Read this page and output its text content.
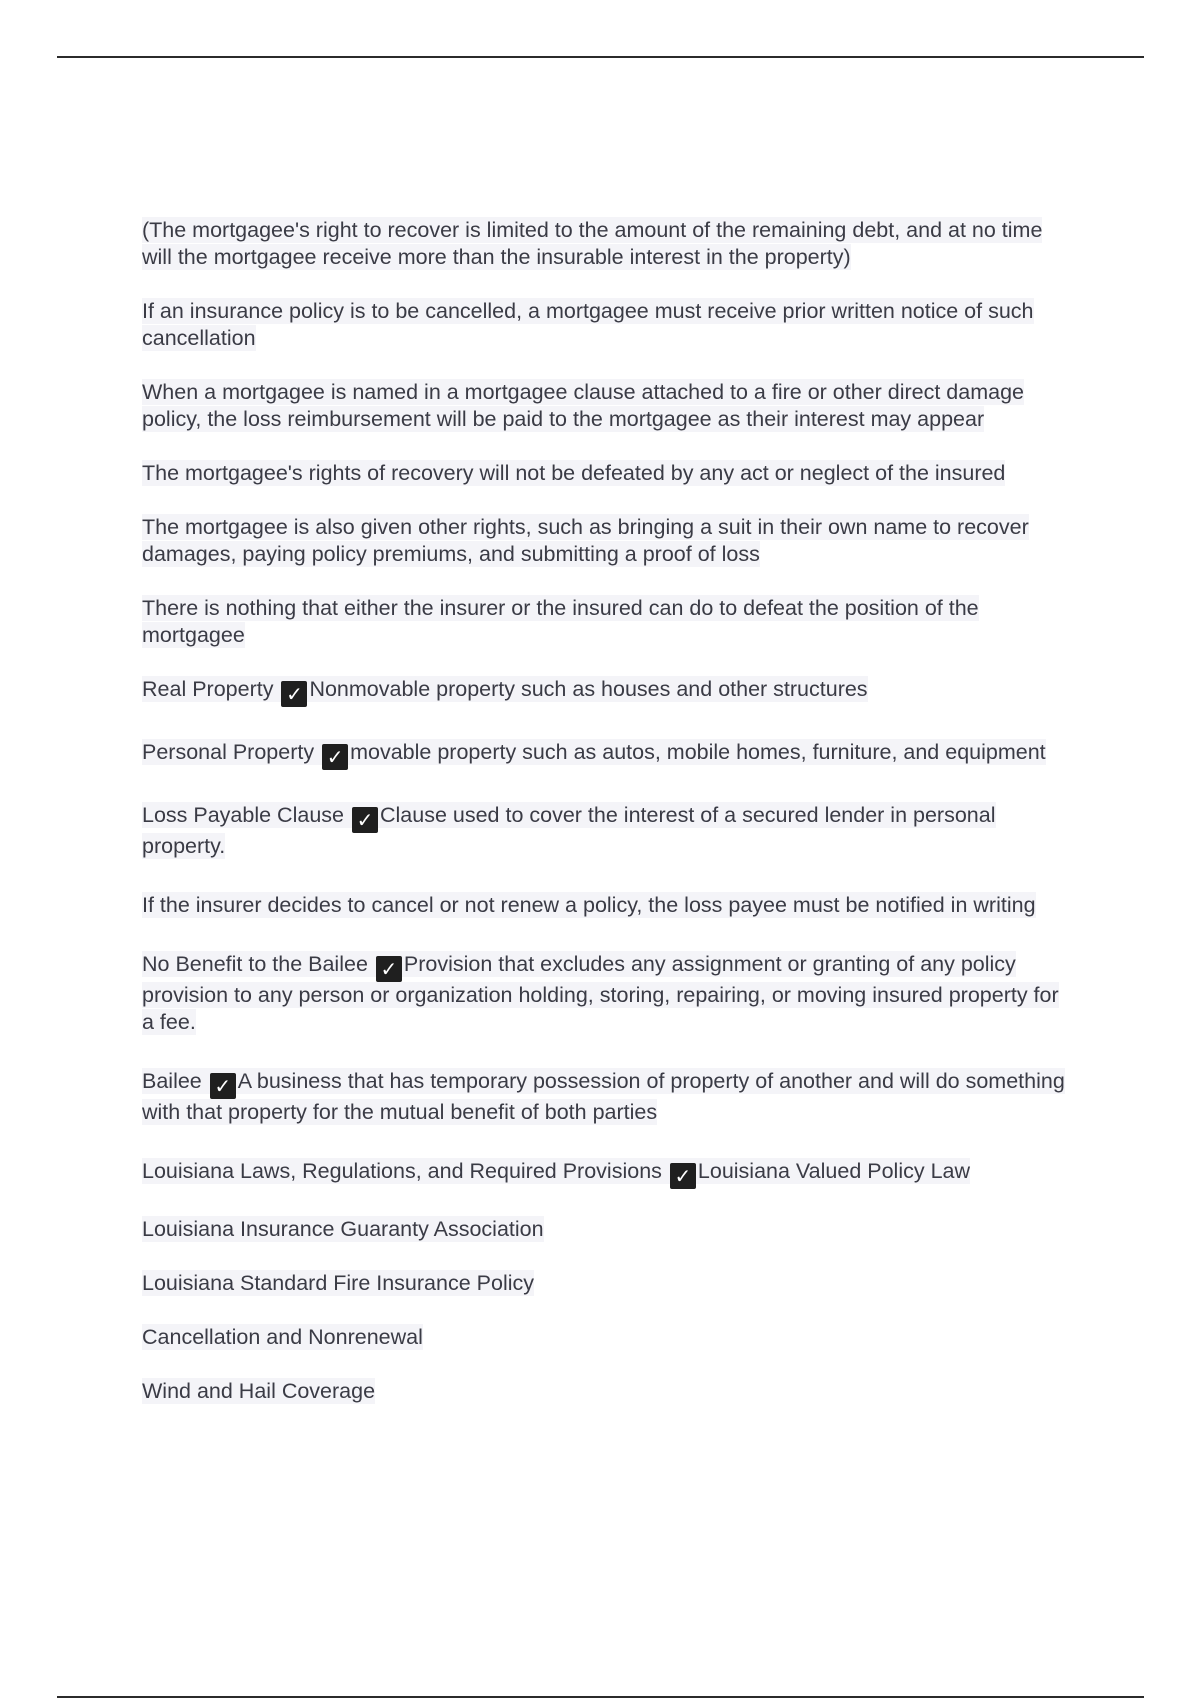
(The mortgagee's right to recover is limited to the amount of the remaining debt, and at no time will the mortgagee receive more than the insurable interest in the property)

If an insurance policy is to be cancelled, a mortgagee must receive prior written notice of such cancellation

When a mortgagee is named in a mortgagee clause attached to a fire or other direct damage policy, the loss reimbursement will be paid to the mortgagee as their interest may appear

The mortgagee's rights of recovery will not be defeated by any act or neglect of the insured

The mortgagee is also given other rights, such as bringing a suit in their own name to recover damages, paying policy premiums, and submitting a proof of loss

There is nothing that either the insurer or the insured can do to defeat the position of the mortgagee

Real Property ✓ Nonmovable property such as houses and other structures

Personal Property ✓ movable property such as autos, mobile homes, furniture, and equipment

Loss Payable Clause ✓ Clause used to cover the interest of a secured lender in personal property.

If the insurer decides to cancel or not renew a policy, the loss payee must be notified in writing

No Benefit to the Bailee ✓ Provision that excludes any assignment or granting of any policy provision to any person or organization holding, storing, repairing, or moving insured property for a fee.

Bailee ✓ A business that has temporary possession of property of another and will do something with that property for the mutual benefit of both parties

Louisiana Laws, Regulations, and Required Provisions ✓ Louisiana Valued Policy Law

Louisiana Insurance Guaranty Association

Louisiana Standard Fire Insurance Policy

Cancellation and Nonrenewal

Wind and Hail Coverage
